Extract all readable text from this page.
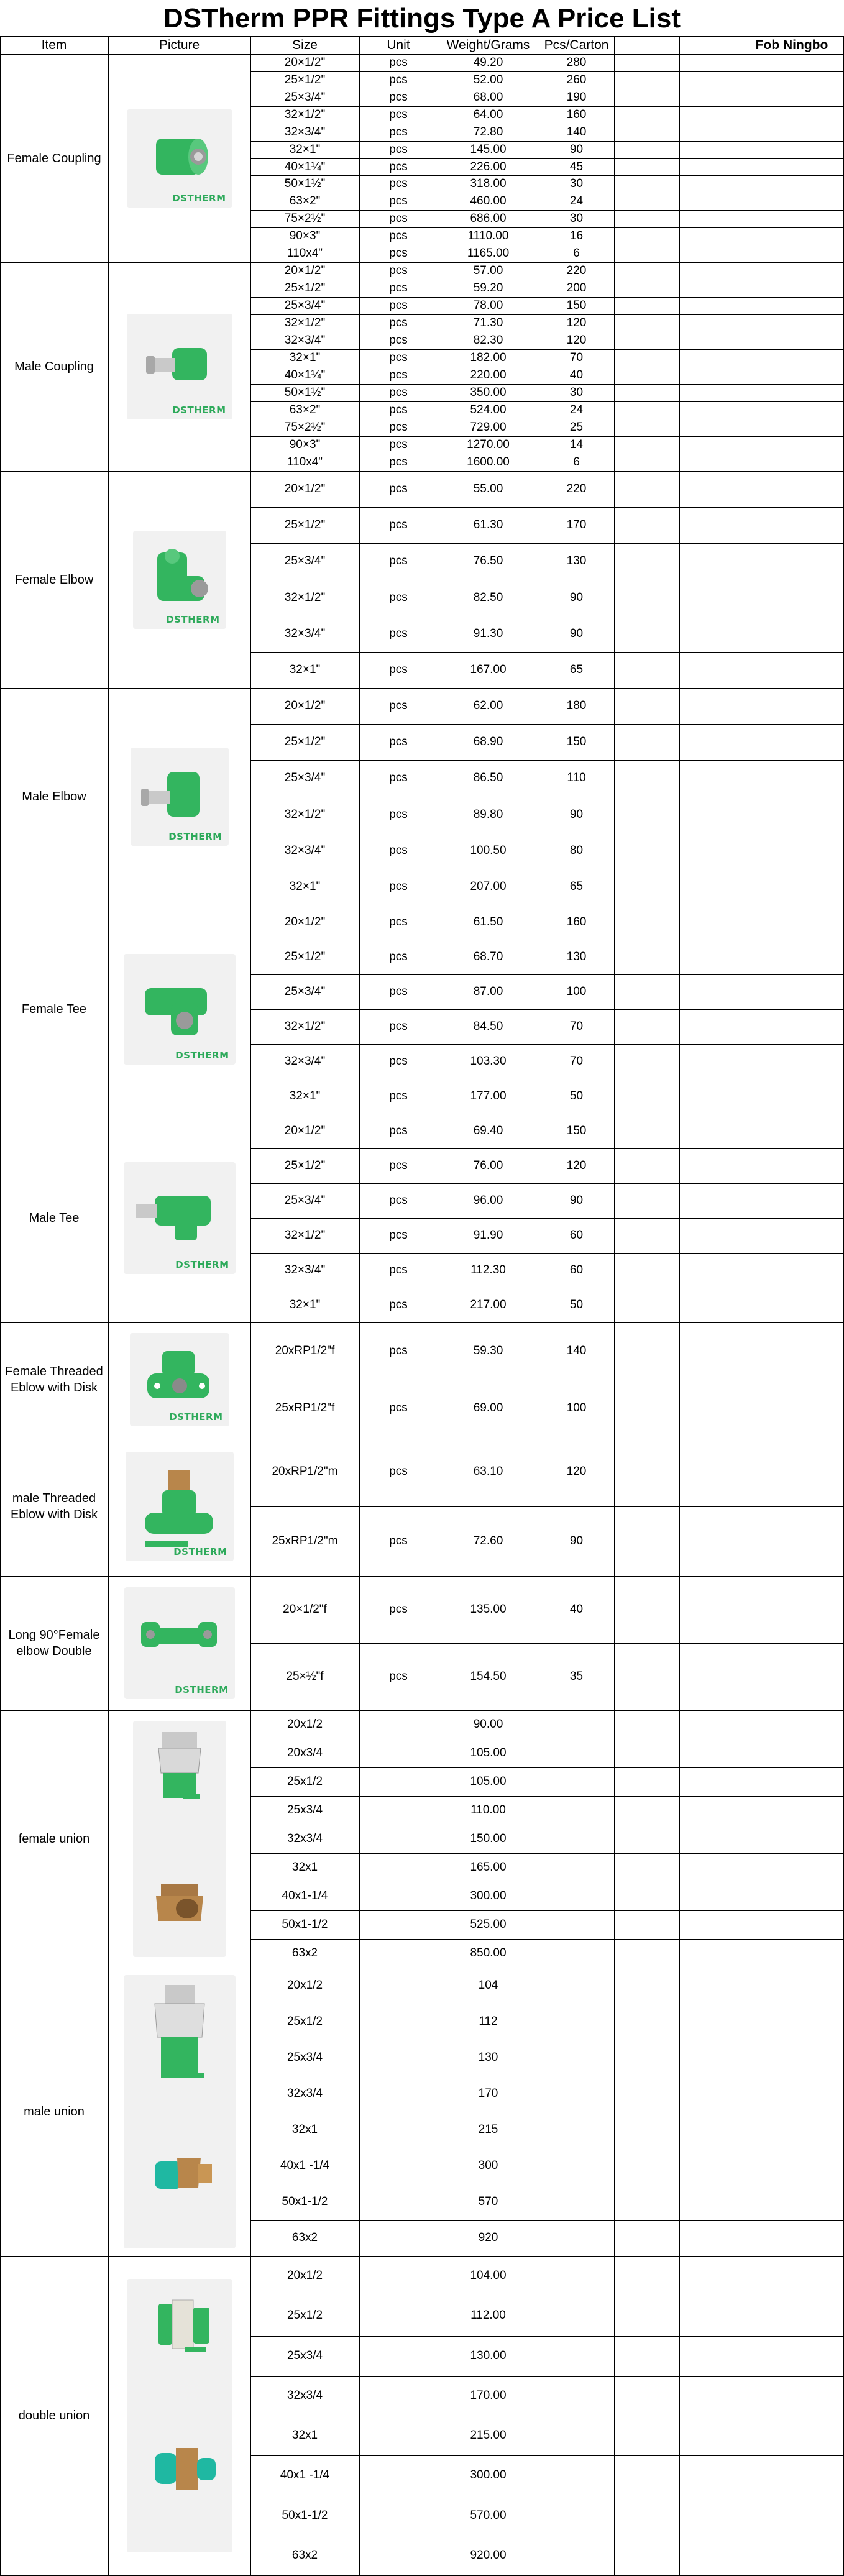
DSTherm PPR Fittings Type A Price List
Item	Picture	Size	Unit	Weight/Grams	Pcs/Carton	Fob Ningbo
Female Coupling
DSTHERM
20×1/2"	pcs	49.20	280
25×1/2"	pcs	52.00	260
25×3/4"	pcs	68.00	190
32×1/2"	pcs	64.00	160
32×3/4"	pcs	72.80	140
32×1"	pcs	145.00	90
40×1¼"	pcs	226.00	45
50×1½"	pcs	318.00	30
63×2"	pcs	460.00	24
75×2½"	pcs	686.00	30
90×3"	pcs	1110.00	16
110x4"	pcs	1165.00	6
Male Coupling
DSTHERM
20×1/2"	pcs	57.00	220
25×1/2"	pcs	59.20	200
25×3/4"	pcs	78.00	150
32×1/2"	pcs	71.30	120
32×3/4"	pcs	82.30	120
32×1"	pcs	182.00	70
40×1¼"	pcs	220.00	40
50×1½"	pcs	350.00	30
63×2"	pcs	524.00	24
75×2½"	pcs	729.00	25
90×3"	pcs	1270.00	14
110x4"	pcs	1600.00	6
Female Elbow
DSTHERM
20×1/2"	pcs	55.00	220
25×1/2"	pcs	61.30	170
25×3/4"	pcs	76.50	130
32×1/2"	pcs	82.50	90
32×3/4"	pcs	91.30	90
32×1"	pcs	167.00	65
Male Elbow
DSTHERM
20×1/2"	pcs	62.00	180
25×1/2"	pcs	68.90	150
25×3/4"	pcs	86.50	110
32×1/2"	pcs	89.80	90
32×3/4"	pcs	100.50	80
32×1"	pcs	207.00	65
Female Tee
DSTHERM
20×1/2"	pcs	61.50	160
25×1/2"	pcs	68.70	130
25×3/4"	pcs	87.00	100
32×1/2"	pcs	84.50	70
32×3/4"	pcs	103.30	70
32×1"	pcs	177.00	50
Male Tee
DSTHERM
20×1/2"	pcs	69.40	150
25×1/2"	pcs	76.00	120
25×3/4"	pcs	96.00	90
32×1/2"	pcs	91.90	60
32×3/4"	pcs	112.30	60
32×1"	pcs	217.00	50
Female Threaded Eblow with Disk
DSTHERM
20xRP1/2"f	pcs	59.30	140
25xRP1/2"f	pcs	69.00	100
male Threaded Eblow with Disk
DSTHERM
20xRP1/2"m	pcs	63.10	120
25xRP1/2"m	pcs	72.60	90
Long 90°Female elbow Double
DSTHERM
20×1/2"f	pcs	135.00	40
25×½"f	pcs	154.50	35
female union
20x1/2	90.00
20x3/4	105.00
25x1/2	105.00
25x3/4	110.00
32x3/4	150.00
32x1	165.00
40x1-1/4	300.00
50x1-1/2	525.00
63x2	850.00
male union
20x1/2	104
25x1/2	112
25x3/4	130
32x3/4	170
32x1	215
40x1 -1/4	300
50x1-1/2	570
63x2	920
double union
20x1/2	104.00
25x1/2	112.00
25x3/4	130.00
32x3/4	170.00
32x1	215.00
40x1 -1/4	300.00
50x1-1/2	570.00
63x2	920.00
